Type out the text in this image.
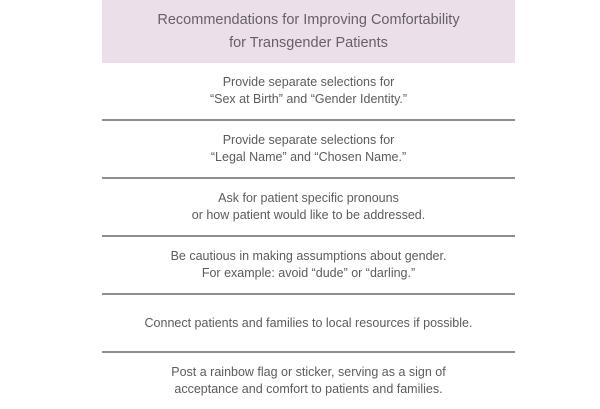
Recommendations for Improving Comfortability
for Transgender Patients
Provide separate selections for
“Sex at Birth” and “Gender Identity.”
Provide separate selections for
“Legal Name” and “Chosen Name.”
Ask for patient specific pronouns
or how patient would like to be addressed.
Be cautious in making assumptions about gender.
For example: avoid “dude” or “darling.”
Connect patients and families to local resources if possible.
Post a rainbow flag or sticker, serving as a sign of
acceptance and comfort to patients and families.
